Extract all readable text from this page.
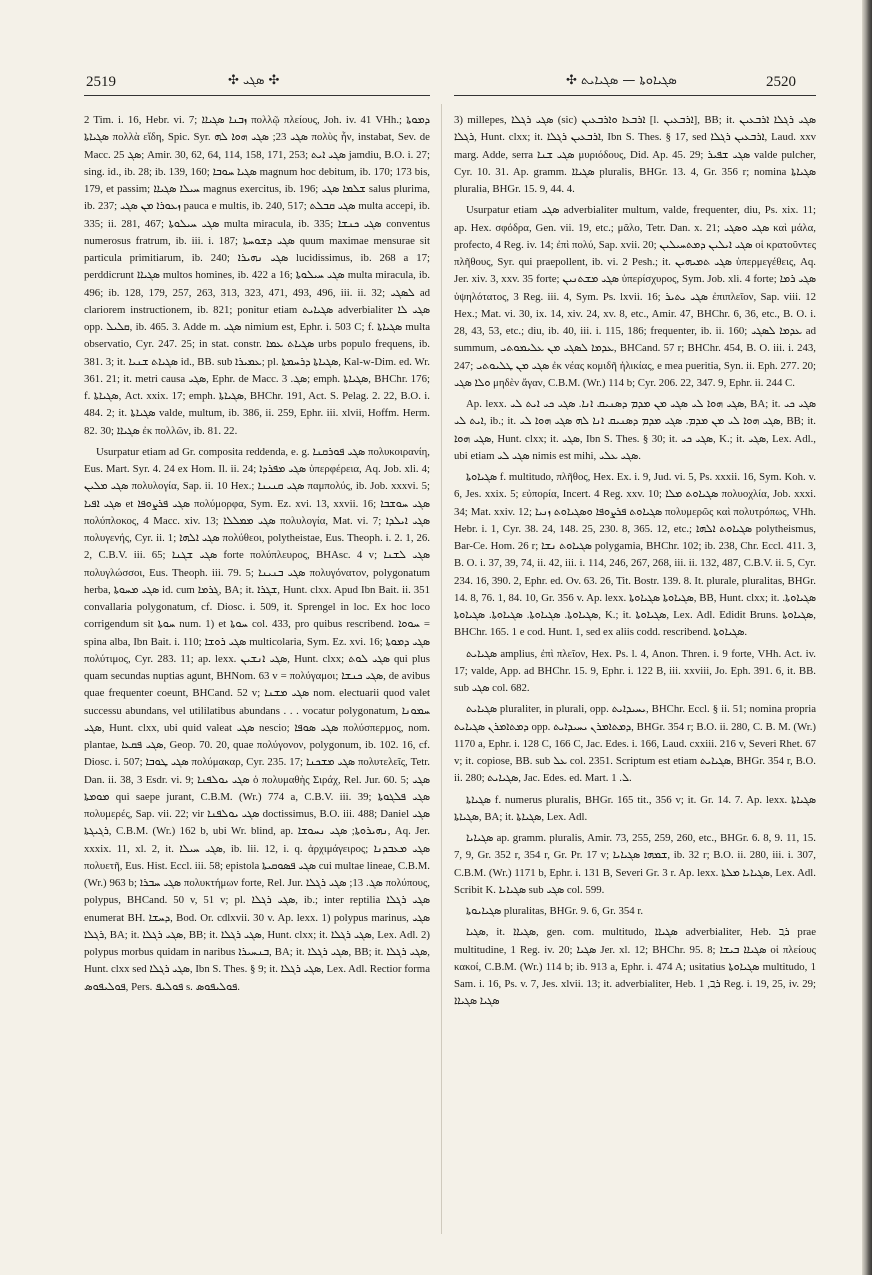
2519	✣ ܣܓܝ ✣	✣ ܣܓܝܐܘܬܐ — ܣܓܝܐܝܬ	2520

2 Tim. i. 16, Hebr. vi. 7; ܙܒܢܐ ܣܓܝܐܐ πολλῷ πλείους, Joh. iv. 41 VHh.; ܕܡܘܬܐ ܣܓܝܐܬܐ πολλὰ εἴδη, Spic. Syr. ܣܓܝ 23; ܣܓܝ ܗܘܐ ܠܗ πολὺς ἦν, instabat, Sev. de Macc. ܣܓ 25; Amir. 30, 62, 64, 114, 158, 171, 253; ܣܓܝ ܐܝܬ jamdiu, B.O. i. 27; sing. id., ib. 28; ib. 139, 160; ܣܓܝܐ ܚܘܒܐ magnum hoc debitum, ib. 170; 173 bis, 179, et passim; ܚܝܠܐ ܣܓܝܐܐ magnus exercitus, ib. 196; ܫܠܡܐ ܣܓܝ salus plurima, ib. 237; ܙܥܘܪܐ ܡܢ ܣܓܝ pauca e multis, ib. 240, 517; ܣܓܝ ܩܒܠܬ multa accepi, ib. 335; ii. 281, 467; ܣܓܝ ܚܝܠܘܬܐ multa miracula, ib. 335; ܣܓܝ ܟܢܫܐ conventus numerosus fratrum, ib. iii. i. 187; ܣܓܝ ܕܫܘܚܬܐ quum maximae mensurae sit particula primitiarum, ib. 240; ܣܓܝ ܢܗܝܪܐ lucidissimus, ib. 268 a 17; perddicrunt ܣܓܝܐܐ multos homines, ib. 422 a 16; ܣܓܝ ܚܝܠܘܬܐ multa miracula, ib. 496; ib. 128, 179, 257, 263, 313, 323, 471, 493, 496, iii. ii. 32; ܠܣܓܝ ad clariorem instructionem, ib. 821; ponitur etiam ܣܓܝܐܝܬ adverbialiter ܣܓܝ ܠܐ opp. ܩܠܝܠ, ib. 465. 3. Adde m. ܣܓܝ nimium est, Ephr. i. 503 C; f. ܣܓܝܐܬܐ multa observatio, Cyr. 247. 25; in stat. constr. ܣܓܝܐܬ ܥܡܐ urbs populo frequens, ib. 381. 3; it. ܣܓܝܐܬ ܫܢܝܐ id., BB. sub ܥܡܝܪܐ; pl. ܣܓܝܐܬܐ ܕܪܚܡܬܐ, Kal-w-Dim. ed. Wr. 361. 21; it. metri causa ܣܓܝ, Ephr. de Macc. ܣܓ. 3; emph. ܣܓܝܐܬܐ, BHChr. 176; f. ܣܓܝܐܬܐ, Act. xxix. 17; emph. ܣܓܝܐܬܐ, BHChr. 191, Act. S. Pelag. 2. 22, B.O. i. 484. 2; it. ܣܓܝܐܬܐ valde, multum, ib. 386, ii. 259, Ephr. iii. xlvii, Hoffm. Herm. 82. 30; ܣܓܝܐܐ ἐκ πολλῶν, ib. 81. 22.

Usurpatur etiam ad Gr. composita reddenda, e. g. ܣܓܝ ܦܘܪܩܢܐ πολυκοιρανίη, Eus. Mart. Syr. 4. 24 ex Hom. Il. ii. 24; ܣܓܝ ܡܦܪܕܐ ὑπερφέρεια, Aq. Job. xli. 4; ܣܓܝ ܡܠܝܢ πολυλογία, Sap. ii. 10 Hex.; ܣܓܝ ܩܢܝܢܐ παμπολύς, ib. Job. xxxvi. 5; ܣܓܝ ܐܦܝܐ et ܣܓܝ ܦܪܨܘܦܐ πολύμορφα, Sym. Ez. xvi. 13, xxvii. 16; ܣܓܝ ܚܘܫܒܐ πολύπλοκος, 4 Macc. xiv. 13; ܣܓܝ ܡܡܠܠܐ πολυλογία, Mat. vi. 7; ܣܓܝ ܐܝܠܕܐ πολυγενής, Cyr. ii. 1; ܣܓܝ ܐܠܗܐ πολύθεοι, polytheistae, Eus. Theoph. i. 2. 1, 26. 2, C.B.V. iii. 65; ܣܓܝ ܫܓܢܐ forte πολύπλευρος, BHAsc. 4 v; ܣܓܝ ܠܫܢܐ πολυγλώσσοι, Eus. Theoph. iii. 79. 5; ܣܓܝ ܒܢܝܢܐ πολυγόνατον, polygonatum herba, ܣܓܝ ܡܚܘܬܐ id. cum ܓܪܡܐ, BA; it. ܫܓܪܐ, Hunt. clxx. Apud Ibn Bait. ii. 351 convallaria polygonatum, cf. Diosc. i. 509, it. Sprengel in loc. Ex hoc loco corrigendum sit ܚܘܬܐ num. 1) et ܚܘܬܐ col. 433, pro quibus rescribend. ܚܘܘܐ = spina alba, Ibn Bait. i. 110; ܣܓܝ ܪܘܫܐ multicolaria, Sym. Ez. xvi. 16; ܣܓܝ ܕܡܘܬܐ πολύτιμος, Cyr. 283. 11; ap. lexx. ܣܓܝ ܐܢܫܝܢ, Hunt. clxx; ܣܓܝ ܠܘܬ qui plus quam secundas nuptias agunt, BHNom. 63 v = πολύγαμοι; ܣܓܝ ܟܢܫܐ, de avibus quae frequenter coeunt, BHCand. 52 v; ܣܓܝ ܡܫܢܐ nom. electuarii quod valet successu abundans, vel utililatibus abundans . . . vocatur polygonatum, ܚܡܘܢܐ ܣܓܝ, Hunt. clxx, ubi quid valeat ܣܓܝ nescio; ܣܓܝ ܣܘܦܐ πολύσπερμος, nom. plantae, ܣܓܝ ܦܩܥܐ, Geop. 70. 20, quae πολύγονον, polygonum, ib. 102. 16, cf. Diosc. i. 507; ܣܓܝ ܛܘܒܐ πολύμακαρ, Cyr. 235. 17; ܣܓܝ ܡܫܟܢܐ πολυτελεῖς, Tetr. Dan. ii. 38, 3 Esdr. vi. 9; ܣܓܝ ܝܘܠܦܢܐ ὁ πολυμαθὴς Σιράχ, Rel. Jur. 60. 5; ܣܓܝ ܡܘܡܬܐ qui saepe jurant, C.B.M. (Wr.) 774 a, C.B.V. iii. 39; ܣܓܝ ܦܠܓܘܬܐ πολυμερές, Sap. vii. 22; vir ܣܓܝ ܝܘܠܦܢܐ doctissimus, B.O. iii. 488; Daniel ܣܓܝ ܪܓܝܓܬܐ, C.B.M. (Wr.) 162 b, ubi Wr. blind, ap. ܢܗܝܪܘܬܐ; ܣܓܝ ܢܚܘܫܐ, Aq. Jer. xxxix. 11, xl. 2, it. ܣܓܝ ܚܝܠܐ, ib. lii. 12, i. q. ἀρχιμάγειρος; ܣܓܝ ܡܥܒܕܢܐ πολυετῆ, Eus. Hist. Eccl. iii. 58; epistola ܣܓܝ ܦܣܘܩܝܬܐ cui multae lineae, C.B.M. (Wr.) 963 b; ܣܓܝ ܚܒܪܐ πολυκτήμων forte, Rel. Jur. ܣܓ. 13; ܣܓܝ ܪܓܠܐ πολύπους, polypus, BHCand. 50 v, 51 v; pl. ܣܓܝ ܪܓܠܐ, ib.; inter reptilia ܣܓܝ ܪܓܠܐ enumerat BH. ܕܚܫܐ, Bod. Or. cdlxvii. 30 v. Ap. lexx. 1) polypus marinus, ܣܓܝ ܪܓܠܐ, BA; it. ܣܓܝ ܪܓܠܐ, BB; it. ܣܓܝ ܪܓܠܐ, Hunt. clxx; it. ܣܓܝ ܪܓܠܐ, Lex. Adl. 2) polypus morbus quidam in naribus ܒܢܚܝܪܐ, BA; it. ܣܓܝ ܪܓܠܐ, BB; it. ܣܓܝ ܪܓܠܐ, Hunt. clxx sed ܣܓܝ ܪܓܠܐ, Ibn S. Thes. § 9; it. ܣܓܝ ܪܓܠܐ, Lex. Adl. Rectior forma ܦܘܠܝܦܘܣ, Pers. ܦܘܠܝܦ s. ܦܘܠܝܦܘܣ.

3) millepes, ܣܓܝ ܪܓܠܐ (sic) ܐܪܒܥܐ ܘܐܪܒܥܝܢ [l. ܐܪܒܥܝܢ], BB; it. ܣܓܝ ܪܓܠܐ ܐܪܒܥܝܢ ܪܓܠܐ, Hunt. clxx; it. ܐܪܒܥܝܢ ܪܓܠܐ, Ibn S. Thes. § 17, sed ܐܪܒܥܝܢ ܪܓܠܐ, Laud. xxv marg. Adde, serra ܣܓܝ ܫܢܐ μυριόδους, Did. Ap. 45. 29; ܣܓܝ ܫܦܝܪ valde pulcher, Cyr. 10. 31. Ap. gramm. ܣܓܝܐܐ pluralis, BHGr. 13. 4, Gr. 356 r; nomina ܣܓܝܐܬܐ pluralia, BHGr. 15. 9, 44. 4.

Usurpatur etiam ܣܓܝ adverbialiter multum, valde, frequenter, diu, Ps. xix. 11; ap. Hex. σφόδρα, Gen. vii. 19, etc.; μᾶλο, Tetr. Dan. x. 21; ܣܓܝ ܘܣܓܝ καὶ μάλα, profecto, 4 Reg. iv. 14; ἐπὶ πολύ, Sap. xvii. 20; ܣܓܝ ܐܝܠܝܢ ܕܡܬܚܝܠܝܢ οἱ κρατοῦντες πλῆθους, Syr. qui praepollent, ib. vi. 2 Pesh.; it. ܣܓܝ ܬܡܝܗܝܢ ὑπερμεγέθεις, Aq. Jer. xiv. 3, xxv. 35 forte; ܣܓܝ ܡܫܬܢܝܢ ὑπερίσχυρος, Sym. Job. xli. 4 forte; ܣܓܝ ܪܡܐ ὑψηλότατος, 3 Reg. iii. 4, Sym. Ps. lxvii. 16; ܣܓܝ ܝܬܝܪ ἐπιπλεῖον, Sap. viii. 12 Hex.; Mat. vi. 30, ix. 14, xiv. 24, xv. 8, etc., Amir. 47, BHChr. 6, 36, etc., B. O. i. 28, 43, 53, etc.; diu, ib. 40, iii. i. 115, 186; frequenter, ib. ii. 160; ܥܕܡܐ ܠܣܓܝ ad summum, ܥܕܡܐ ܠܣܓܝ ܡܢ ܥܠܝܡܘܬܝ, BHCand. 57 r; BHChr. 454, B. O. iii. i. 243, 247; ܣܓܝ ܡܢ ܛܠܝܘܬܝ ἐκ νέας κομιδῆ ἡλικίας, e mea pueritia, Syn. ii. Eph. 277. 20; ܘܠܐ ܣܓܝ μηδὲν ἄγαν, C.B.M. (Wr.) 114 b; Cyr. 206. 22, 347. 9, Ephr. ii. 244 C.

Ap. lexx. ܣܓܝ ܗܘܐ ܠܝ ܣܓܝ ܡܢ ܡܕܡ ܕܣܢܝܩ ܐܢܐ. ܣܓܝ ܟܝ ܐܝܬ ܠܝ, BA; it. ܣܓܝ ܟܝ ܐܝܬ ܠܝ, ib.; it. ܣܓܝ ܗܘܐ ܠܝ ܡܢ ܡܕܡ. ܣܓܝ ܡܕܡ ܕܣܢܝܩ ܐܢܐ ܠܗ ܣܓܝ ܗܘܐ ܠܝ, BB; it. ܣܓܝ ܗܘܐ, Hunt. clxx; it. ܣܓܝ, Ibn S. Thes. § 30; it. ܣܓܝ ܟܝ, K.; it. ܣܓܝ, Lex. Adl., ubi etiam ܣܓܝ ܠܝ nimis est mihi, ܣܓܝ ܥܠܝ.

ܣܓܝܐܘܬܐ f. multitudo, πλῆθος, Hex. Ex. i. 9, Jud. vi. 5, Ps. xxxii. 16, Sym. Koh. v. 6, Jes. xxix. 5; εὐπορία, Incert. 4 Reg. xxv. 10; ܣܓܝܐܘܬ ܡܠܐ πολυοχλία, Job. xxxi. 34; Mat. xxiv. 12; ܣܓܝܐܘܬ ܦܪܨܘܦܐ ܘܣܓܝܐܘܬ ܙܢܝܐ πολυμερῶς καὶ πολυτρόπως, VHh. Hebr. i. 1, Cyr. 38. 24, 148. 25, 230. 8, 365. 12, etc.; ܣܓܝܐܘܬ ܐܠܗܐ polytheismus, Bar-Ce. Hom. 26 r; ܣܓܝܐܘܬ ܢܫܐ polygamia, BHChr. 102; ib. 238, Chr. Eccl. 411. 3, B. O. i. 37, 39, 74, ii. 42, iii. i. 114, 246, 267, 268, iii. ii. 132, 487, C.B.V. ii. 5, Cyr. 234. 16, 390. 2, Ephr. ed. Ov. 63. 26, Tit. Bostr. 139. 8. It. plurale, pluralitas, BHGr. 14. 8, 76. 1, 84. 10, Gr. 356 v. Ap. lexx. ܣܓܝܐܘܬܐ ܣܓܝܐܘܬܐ, BB, Hunt. clxx; it. ܣܓܝܐܘܬܐ. ܣܓܝܐܘܬܐ. ܣܓܝܐܘܬܐ. ܣܓܝܐܘܬܐ. ܣܓܝܐܘܬܐ, K.; it. ܣܓܝܐܘܬܐ, Lex. Adl. Edidit Bruns. ܣܓܝܐܘܬܐ, BHChr. 165. 1 e cod. Hunt. 1, sed ex aliis codd. rescribend. ܣܓܝܐܘܬܐ.

ܣܓܝܐܝܬ amplius, ἐπὶ πλεῖον, Hex. Ps. l. 4, Anon. Thren. i. 9 forte, VHh. Act. iv. 17; valde, App. ad BHChr. 15. 9, Ephr. i. 122 B, iii. xxviii, Jo. Eph. 391. 6, it. BB. sub ܣܓܝ col. 682.

ܣܓܝܐܝܬ pluraliter, in plurali, opp. ܝܚܝܕܐܝܬ, BHChr. Eccl. § ii. 51; nomina propria ܕܡܬܐܡܪܢ ܣܓܝܐܝܬ opp. ܕܡܬܐܡܪܢ ܝܚܝܕܐܝܬ, BHGr. 354 r; B.O. ii. 280, C. B. M. (Wr.) 1170 a, Ephr. i. 128 C, 166 C, Jac. Edes. i. 166, Laud. cxxiii. 216 v, Severi Rhet. 67 v; it. copiose, BB. sub ܥܠ col. 2351. Scriptum est etiam ܣܓܝܐܝܬ, BHGr. 354 r, B.O. ii. 280; ܣܓܝܐܝܬ, Jac. Edes. ed. Mart. ܠ. 1.

ܣܓܝܐܬܐ f. numerus pluralis, BHGr. 165 tit., 356 v; it. Gr. 14. 7. Ap. lexx. ܣܓܝܐܬܐ ܣܓܝܐܬܐ, BA; it. ܣܓܝܐܬܐ, Lex. Adl.

ܣܓܝܐܝܐ ap. gramm. pluralis, Amir. 73, 255, 259, 260, etc., BHGr. 6. 8, 9. 11, 15. 7, 9, Gr. 352 r, 354 r, Gr. Pr. 17 v; ܫܡܗܐ ܣܓܝܐܝܐ, ib. 32 r; B.O. ii. 280, iii. i. 307, C.B.M. (Wr.) 1171 b, Ephr. i. 131 B, Severi Gr. 3 r. Ap. lexx. ܣܓܝܐܝܐ ܡܠܬܐ, Lex. Adl. Scribit K. ܣܓܝܐܝܐ sub ܣܓܝ col. 599.

ܣܓܝܐܝܘܬܐ pluralitas, BHGr. 9. 6, Gr. 354 r.

ܣܓܝܐ, it. ܣܓܝܐܐ, gen. com. multitudo, ܣܓܝܐܐ adverbialiter, Heb. ܪַב prae multitudine, 1 Reg. iv. 20; ܣܓܝܐ Jer. xl. 12; BHChr. 95. 8; ܣܓܝܐܐ ܒܝܫܐ οἱ πλείους κακοί, C.B.M. (Wr.) 114 b; ib. 913 a, Ephr. i. 474 A; usitatius ܣܓܝܐܘܬܐ multitudo, 1 Sam. i. 16, Ps. v. 7, Jes. xlvii. 13; it. adverbialiter, Heb. ܪַב, 1 Reg. i. 19, 25, iv. 29; ܣܓܝܐ ܣܓܝܐܐ
